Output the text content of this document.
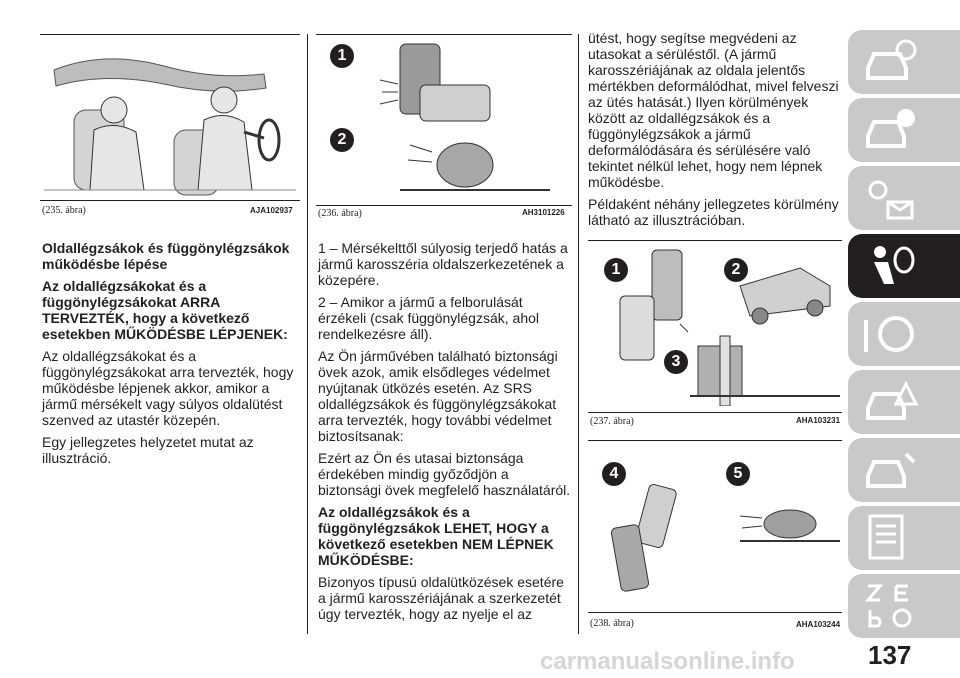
(235. ábra)	AJA102937

Oldallégzsákok és függönylégzsákok működésbe lépése

Az oldallégzsákokat és a függönylégzsákokat ARRA TERVEZTÉK, hogy a következő esetekben MŰKÖDÉSBE LÉPJENEK:

Az oldallégzsákokat és a függönylégzsákokat arra tervezték, hogy működésbe lépjenek akkor, amikor a jármű mérsékelt vagy súlyos oldalütést szenved az utastér közepén.

Egy jellegzetes helyzetet mutat az illusztráció.

1
2
(236. ábra)	AH3101226

1 – Mérsékelttől súlyosig terjedő hatás a jármű karosszéria oldalszerkezetének a közepére.

2 – Amikor a jármű a felborulását érzékeli (csak függönylégzsák, ahol rendelkezésre áll).

Az Ön járművében található biztonsági övek azok, amik elsődleges védelmet nyújtanak ütközés esetén. Az SRS oldallégzsákok és függönylégzsákokat arra tervezték, hogy további védelmet biztosítsanak:

Ezért az Ön és utasai biztonsága érdekében mindig győződjön a biztonsági övek megfelelő használatáról.

Az oldallégzsákok és a függönylégzsákok LEHET, HOGY a következő esetekben NEM LÉPNEK MŰKÖDÉSBE:

Bizonyos típusú oldalütközések esetére a jármű karosszériájának a szerkezetét úgy tervezték, hogy az nyelje el az

ütést, hogy segítse megvédeni az utasokat a sérüléstől. (A jármű karosszériájának az oldala jelentős mértékben deformálódhat, mivel felveszi az ütés hatását.) Ilyen körülmények között az oldallégzsákok és a függönylégzsákok a jármű deformálódására és sérülésére való tekintet nélkül lehet, hogy nem lépnek működésbe.

Példaként néhány jellegzetes körülmény látható az illusztrációban.

1	2
3
(237. ábra)	AHA103231
4	5
(238. ábra)	AHA103244
carmanualsonline.info	137
